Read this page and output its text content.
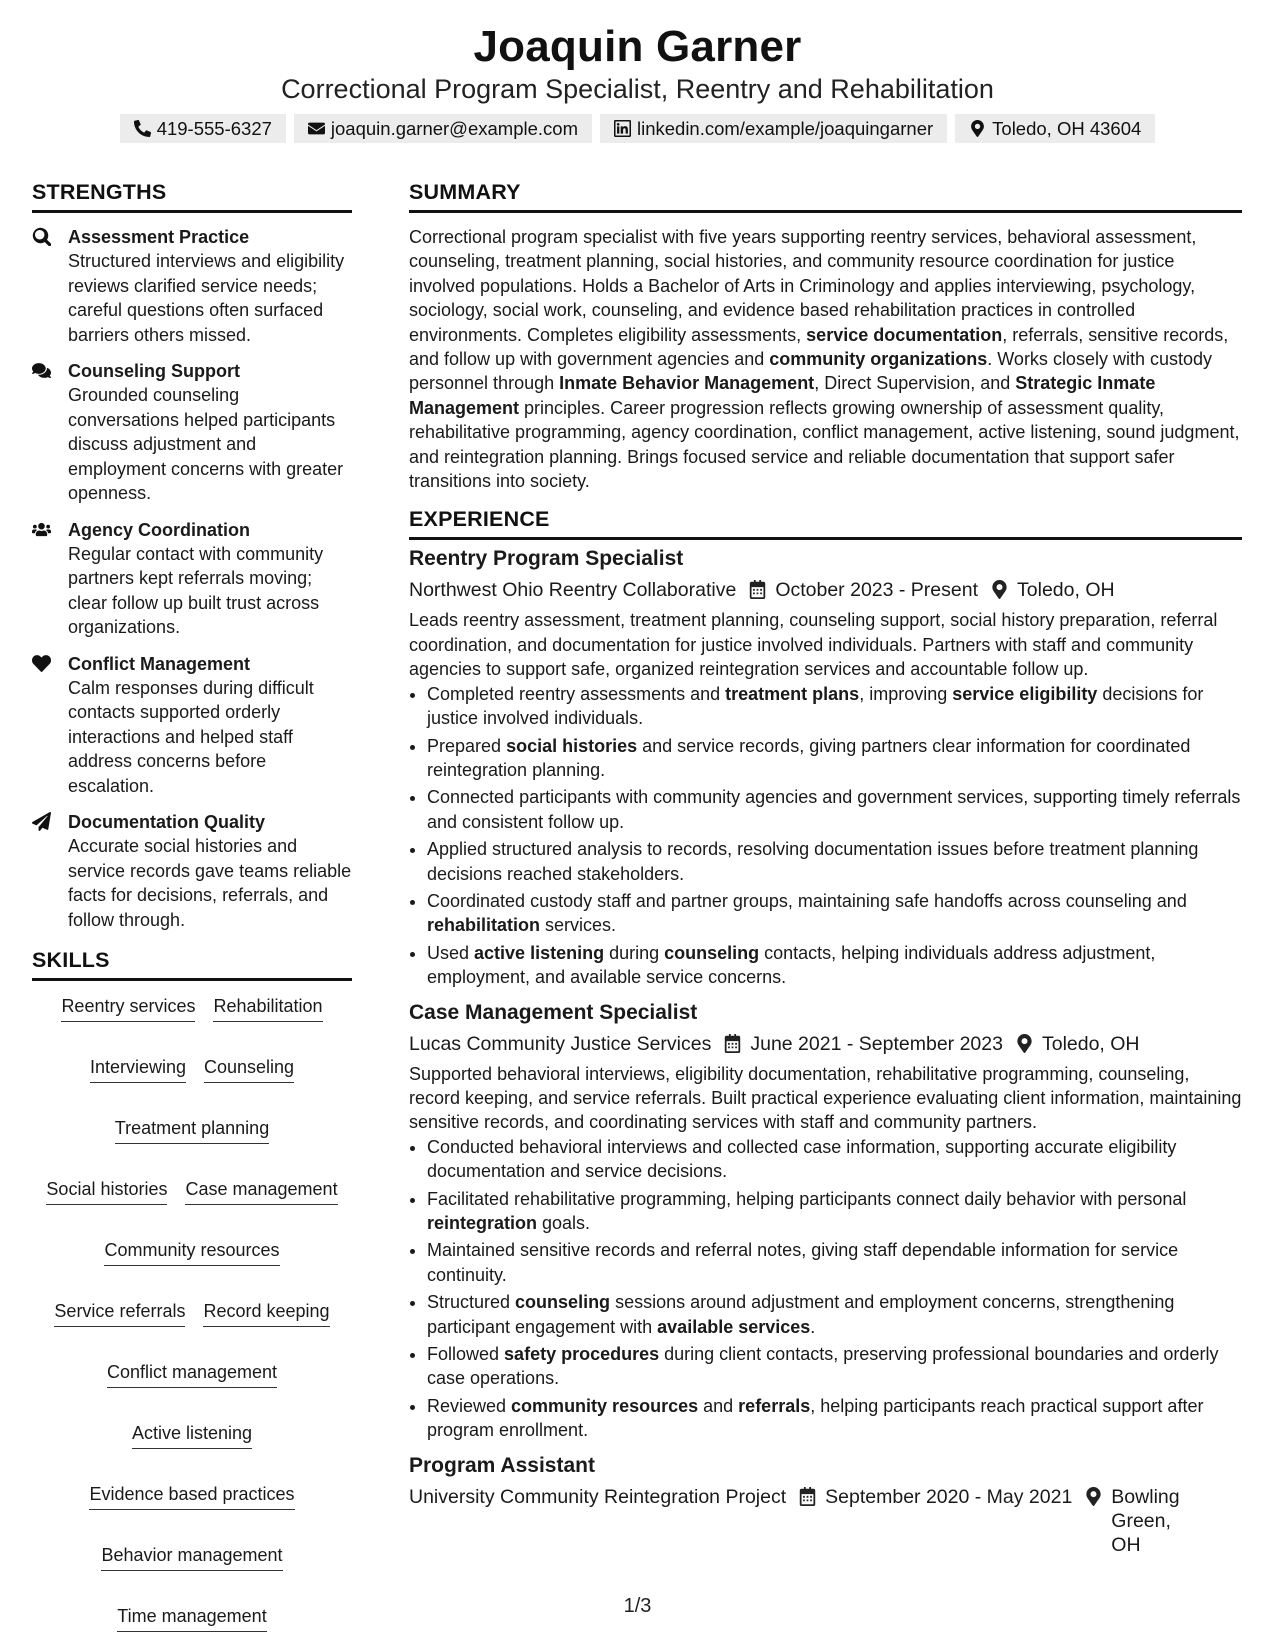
Joaquin Garner
Correctional Program Specialist, Reentry and Rehabilitation
419-555-6327	joaquin.garner@example.com	linkedin.com/example/joaquingarner	Toledo, OH 43604
STRENGTHS
Assessment Practice
Structured interviews and eligibility reviews clarified service needs; careful questions often surfaced barriers others missed.
Counseling Support
Grounded counseling conversations helped participants discuss adjustment and employment concerns with greater openness.
Agency Coordination
Regular contact with community partners kept referrals moving; clear follow up built trust across organizations.
Conflict Management
Calm responses during difficult contacts supported orderly interactions and helped staff address concerns before escalation.
Documentation Quality
Accurate social histories and service records gave teams reliable facts for decisions, referrals, and follow through.
SKILLS
Reentry services Rehabilitation
Interviewing Counseling
Treatment planning
Social histories Case management
Community resources
Service referrals Record keeping
Conflict management
Active listening
Evidence based practices
Behavior management
Time management
SUMMARY
Correctional program specialist with five years supporting reentry services, behavioral assessment, counseling, treatment planning, social histories, and community resource coordination for justice involved populations. Holds a Bachelor of Arts in Criminology and applies interviewing, psychology, sociology, social work, counseling, and evidence based rehabilitation practices in controlled environments. Completes eligibility assessments, service documentation, referrals, sensitive records, and follow up with government agencies and community organizations. Works closely with custody personnel through Inmate Behavior Management, Direct Supervision, and Strategic Inmate Management principles. Career progression reflects growing ownership of assessment quality, rehabilitative programming, agency coordination, conflict management, active listening, sound judgment, and reintegration planning. Brings focused service and reliable documentation that support safer transitions into society.
EXPERIENCE
Reentry Program Specialist
Northwest Ohio Reentry Collaborative October 2023 - Present Toledo, OH
Leads reentry assessment, treatment planning, counseling support, social history preparation, referral coordination, and documentation for justice involved individuals. Partners with staff and community agencies to support safe, organized reintegration services and accountable follow up.
• Completed reentry assessments and treatment plans, improving service eligibility decisions for justice involved individuals.
• Prepared social histories and service records, giving partners clear information for coordinated reintegration planning.
• Connected participants with community agencies and government services, supporting timely referrals and consistent follow up.
• Applied structured analysis to records, resolving documentation issues before treatment planning decisions reached stakeholders.
• Coordinated custody staff and partner groups, maintaining safe handoffs across counseling and rehabilitation services.
• Used active listening during counseling contacts, helping individuals address adjustment, employment, and available service concerns.
Case Management Specialist
Lucas Community Justice Services June 2021 - September 2023 Toledo, OH
Supported behavioral interviews, eligibility documentation, rehabilitative programming, counseling, record keeping, and service referrals. Built practical experience evaluating client information, maintaining sensitive records, and coordinating services with staff and community partners.
• Conducted behavioral interviews and collected case information, supporting accurate eligibility documentation and service decisions.
• Facilitated rehabilitative programming, helping participants connect daily behavior with personal reintegration goals.
• Maintained sensitive records and referral notes, giving staff dependable information for service continuity.
• Structured counseling sessions around adjustment and employment concerns, strengthening participant engagement with available services.
• Followed safety procedures during client contacts, preserving professional boundaries and orderly case operations.
• Reviewed community resources and referrals, helping participants reach practical support after program enrollment.
Program Assistant
University Community Reintegration Project September 2020 - May 2021 Bowling Green, OH
1/3
